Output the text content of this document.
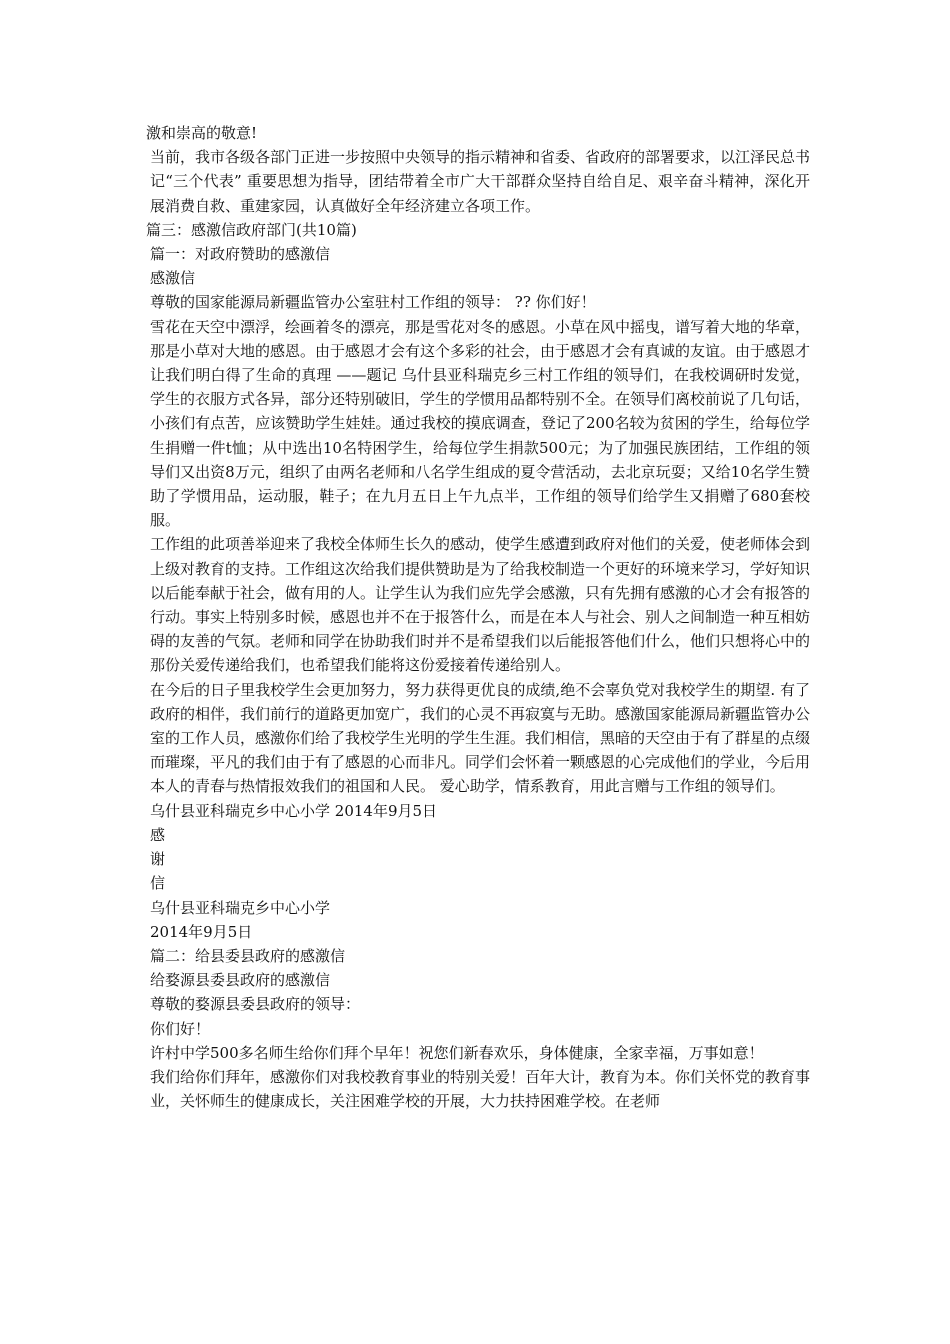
激和崇高的敬意!
当前，我市各级各部门正进一步按照中央领导的指示精神和省委、省政府的部署要求，以江泽民总书记“三个代表” 重要思想为指导，团结带着全市广大干部群众坚持自给自足、艰辛奋斗精神，深化开展消费自救、重建家园，认真做好全年经济建立各项工作。
篇三：感激信政府部门(共10篇)
篇一：对政府赞助的感激信
感激信
尊敬的国家能源局新疆监管办公室驻村工作组的领导： ?? 你们好！
雪花在天空中漂浮，绘画着冬的漂亮，那是雪花对冬的感恩。小草在风中摇曳，谱写着大地的华章，那是小草对大地的感恩。由于感恩才会有这个多彩的社会，由于感恩才会有真诚的友谊。由于感恩才让我们明白得了生命的真理 ——题记 乌什县亚科瑞克乡三村工作组的领导们，在我校调研时发觉，学生的衣服方式各异，部分还特别破旧，学生的学惯用品都特别不全。在领导们离校前说了几句话，小孩们有点苦，应该赞助学生娃娃。通过我校的摸底调查，登记了200名较为贫困的学生，给每位学生捐赠一件t恤；从中选出10名特困学生，给每位学生捐款500元；为了加强民族团结，工作组的领导们又出资8万元，组织了由两名老师和八名学生组成的夏令营活动，去北京玩耍；又给10名学生赞助了学惯用品，运动服，鞋子；在九月五日上午九点半，工作组的领导们给学生又捐赠了680套校服。
工作组的此项善举迎来了我校全体师生长久的感动，使学生感遭到政府对他们的关爱，使老师体会到上级对教育的支持。工作组这次给我们提供赞助是为了给我校制造一个更好的环境来学习，学好知识以后能奉献于社会，做有用的人。让学生认为我们应先学会感激，只有先拥有感激的心才会有报答的行动。事实上特别多时候，感恩也并不在于报答什么，而是在本人与社会、别人之间制造一种互相妨碍的友善的气氛。老师和同学在协助我们时并不是希望我们以后能报答他们什么，他们只想将心中的那份关爱传递给我们，也希望我们能将这份爱接着传递给别人。
在今后的日子里我校学生会更加努力，努力获得更优良的成绩,绝不会辜负党对我校学生的期望. 有了政府的相伴，我们前行的道路更加宽广，我们的心灵不再寂寞与无助。感激国家能源局新疆监管办公室的工作人员，感激你们给了我校学生光明的学生生涯。我们相信，黑暗的天空由于有了群星的点缀而璀璨，平凡的我们由于有了感恩的心而非凡。同学们会怀着一颗感恩的心完成他们的学业，今后用本人的青春与热情报效我们的祖国和人民。 爱心助学，情系教育，用此言赠与工作组的领导们。
乌什县亚科瑞克乡中心小学 2014年9月5日
感
谢
信
乌什县亚科瑞克乡中心小学
2014年9月5日
篇二：给县委县政府的感激信
给婺源县委县政府的感激信
尊敬的婺源县委县政府的领导：
你们好！
许村中学500多名师生给你们拜个早年！祝您们新春欢乐，身体健康，全家幸福，万事如意！
我们给你们拜年，感激你们对我校教育事业的特别关爱！百年大计，教育为本。你们关怀党的教育事业，关怀师生的健康成长，关注困难学校的开展，大力扶持困难学校。在老师
